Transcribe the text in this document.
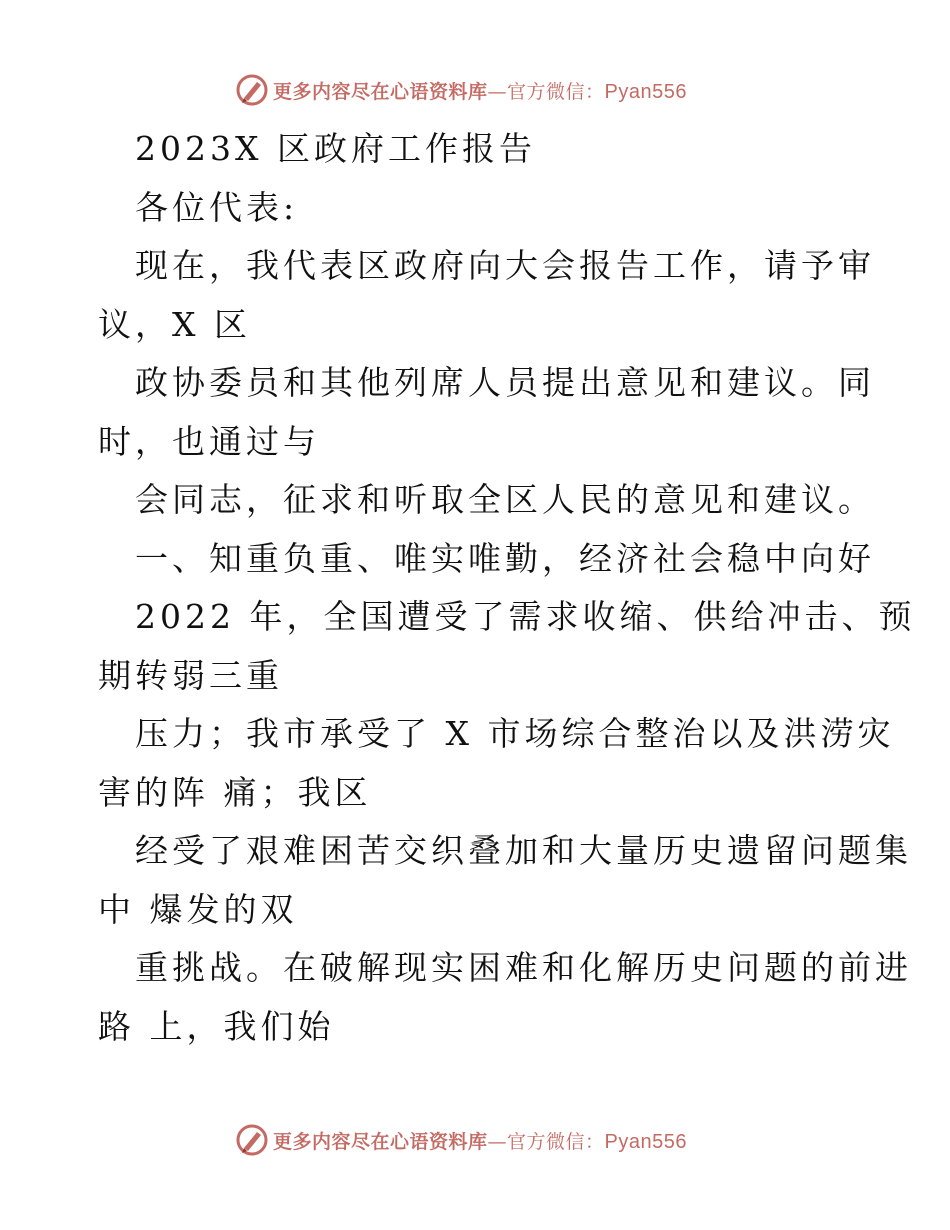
更多内容尽在心语资料库—官方微信：Pyan556
2023X 区政府工作报告
各位代表:
现在，我代表区政府向大会报告工作，请予审
议，X 区
政协委员和其他列席人员提出意见和建议。同
时，也通过与
会同志，征求和听取全区人民的意见和建议。
一、知重负重、唯实唯勤，经济社会稳中向好
2022 年，全国遭受了需求收缩、供给冲击、预
期转弱三重
压力；我市承受了 X 市场综合整治以及洪涝灾
害的阵 痛；我区
经受了艰难困苦交织叠加和大量历史遗留问题集
中 爆发的双
重挑战。在破解现实困难和化解历史问题的前进
路 上，我们始
更多内容尽在心语资料库—官方微信：Pyan556
